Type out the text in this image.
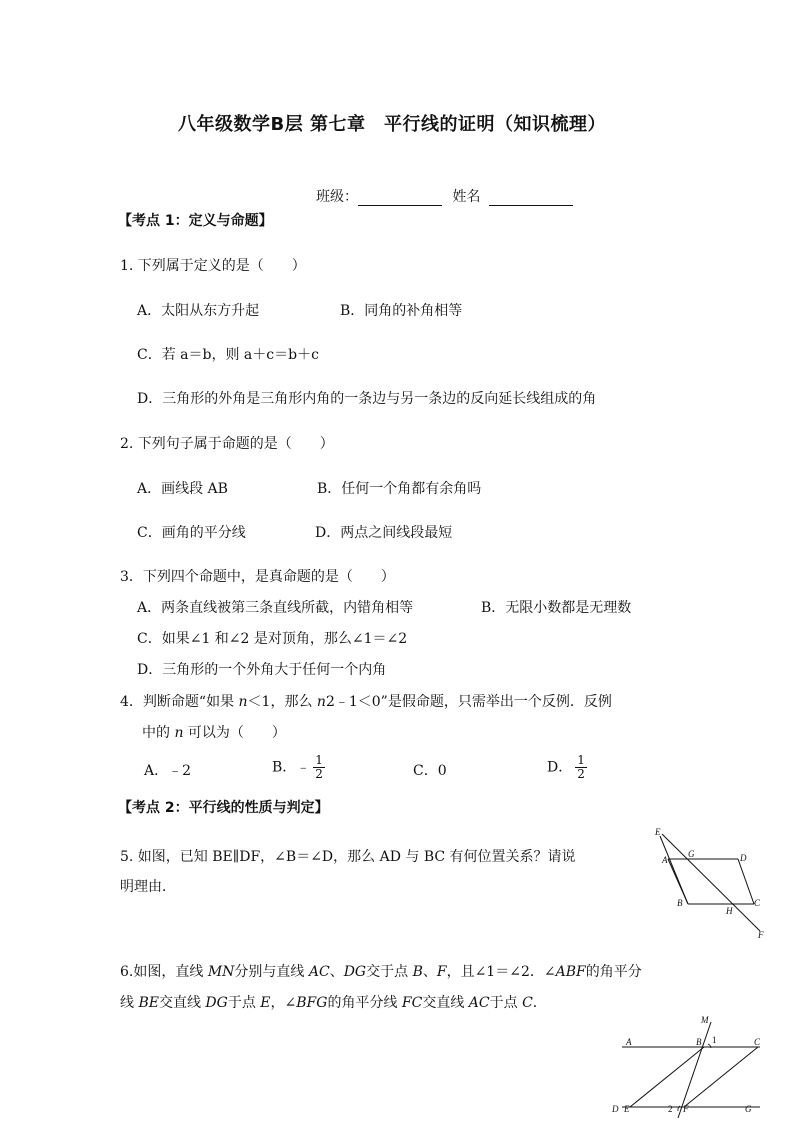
八年级数学B层 第七章　平行线的证明（知识梳理）
班级：	姓名
【考点 1：定义与命题】
1. 下列属于定义的是（　　）
A．太阳从东方升起	B．同角的补角相等
C．若 a＝b，则 a＋c＝b＋c
D．三角形的外角是三角形内角的一条边与另一条边的反向延长线组成的角
2. 下列句子属于命题的是（　　）
A．画线段 AB	B．任何一个角都有余角吗
C．画角的平分线	D．两点之间线段最短
3．下列四个命题中，是真命题的是（　　）
A．两条直线被第三条直线所截，内错角相等	B．无限小数都是无理数
C．如果∠1 和∠2 是对顶角，那么∠1＝∠2
D．三角形的一个外角大于任何一个内角
4．判断命题“如果 n＜1，那么 n2﹣1＜0”是假命题，只需举出一个反例．反例
中的 n 可以为（　　）
A．﹣2	B．﹣ $\frac{1}{2}$	C．0	D． $\frac{1}{2}$
【考点 2：平行线的性质与判定】
5. 如图，已知 BE∥DF，∠B＝∠D，那么 AD 与 BC 有何位置关系？请说
明理由．
E
G	D
A
B
H
C
F
6.如图，直线 MN分别与直线 AC、DG交于点 B、F，且∠1＝∠2．∠ABF的角平分
线 BE交直线 DG于点 E，∠BFG的角平分线 FC交直线 AC于点 C．
M
A	B 1	C
D E	2 F	G
